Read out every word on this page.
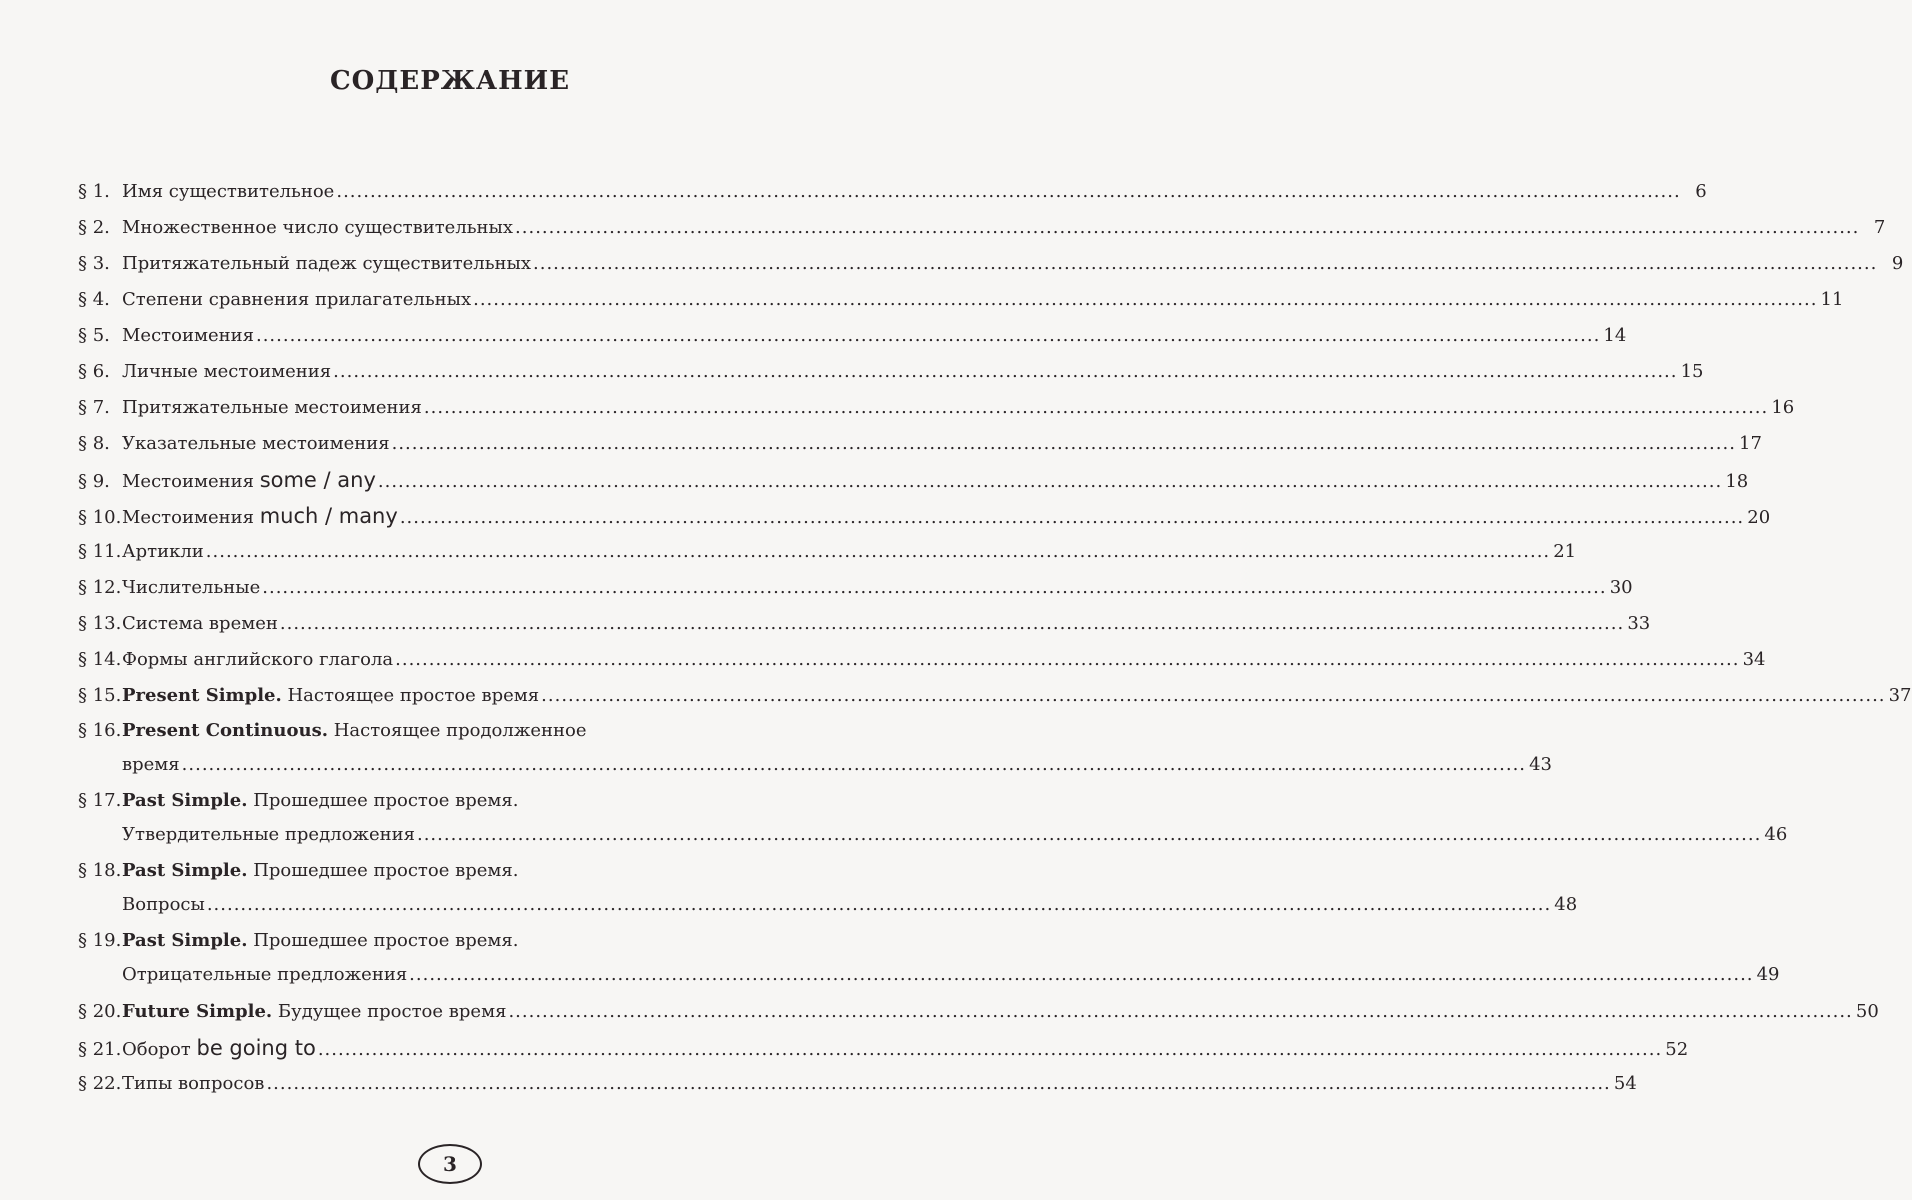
СОДЕРЖАНИЕ
§ 1. Имя существительное ........................................................................................................................................................................................................ 6
§ 2. Множественное число существительных ........................................................................................................................................................................................................ 7
§ 3. Притяжательный падеж существительных ........................................................................................................................................................................................................ 9
§ 4. Степени сравнения прилагательных ........................................................................................................................................................................................................ 11
§ 5. Местоимения ........................................................................................................................................................................................................ 14
§ 6. Личные местоимения ........................................................................................................................................................................................................ 15
§ 7. Притяжательные местоимения ........................................................................................................................................................................................................ 16
§ 8. Указательные местоимения ........................................................................................................................................................................................................ 17
§ 9. Местоимения some / any ........................................................................................................................................................................................................ 18
§ 10. Местоимения much / many ........................................................................................................................................................................................................ 20
§ 11. Артикли ........................................................................................................................................................................................................ 21
§ 12. Числительные ........................................................................................................................................................................................................ 30
§ 13. Система времен ........................................................................................................................................................................................................ 33
§ 14. Формы английского глагола ........................................................................................................................................................................................................ 34
§ 15. Present Simple. Настоящее простое время ........................................................................................................................................................................................................ 37
§ 16. Present Continuous. Настоящее продолженное
время ........................................................................................................................................................................................................ 43
§ 17. Past Simple. Прошедшее простое время.
Утвердительные предложения ........................................................................................................................................................................................................ 46
§ 18. Past Simple. Прошедшее простое время.
Вопросы ........................................................................................................................................................................................................ 48
§ 19. Past Simple. Прошедшее простое время.
Отрицательные предложения ........................................................................................................................................................................................................ 49
§ 20. Future Simple. Будущее простое время ........................................................................................................................................................................................................ 50
§ 21. Оборот be going to ........................................................................................................................................................................................................ 52
§ 22. Типы вопросов ........................................................................................................................................................................................................ 54
3
